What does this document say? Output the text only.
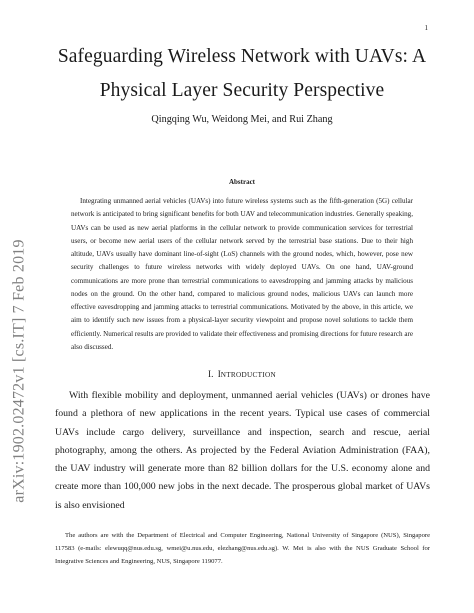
1
arXiv:1902.02472v1 [cs.IT] 7 Feb 2019
Safeguarding Wireless Network with UAVs: A
Physical Layer Security Perspective
Qingqing Wu, Weidong Mei, and Rui Zhang
Abstract

Integrating unmanned aerial vehicles (UAVs) into future wireless systems such as the fifth-generation (5G) cellular network is anticipated to bring significant benefits for both UAV and telecommunication industries. Generally speaking, UAVs can be used as new aerial platforms in the cellular network to provide communication services for terrestrial users, or become new aerial users of the cellular network served by the terrestrial base stations. Due to their high altitude, UAVs usually have dominant line-of-sight (LoS) channels with the ground nodes, which, however, pose new security challenges to future wireless networks with widely deployed UAVs. On one hand, UAV-ground communications are more prone than terrestrial communications to eavesdropping and jamming attacks by malicious nodes on the ground. On the other hand, compared to malicious ground nodes, malicious UAVs can launch more effective eavesdropping and jamming attacks to terrestrial communications. Motivated by the above, in this article, we aim to identify such new issues from a physical-layer security viewpoint and propose novel solutions to tackle them efficiently. Numerical results are provided to validate their effectiveness and promising directions for future research are also discussed.

I. INTRODUCTION

With flexible mobility and deployment, unmanned aerial vehicles (UAVs) or drones have found a plethora of new applications in the recent years. Typical use cases of commercial UAVs include cargo delivery, surveillance and inspection, search and rescue, aerial photography, among the others. As projected by the Federal Aviation Administration (FAA), the UAV industry will generate more than 82 billion dollars for the U.S. economy alone and create more than 100,000 new jobs in the next decade. The prosperous global market of UAVs is also envisioned

The authors are with the Department of Electrical and Computer Engineering, National University of Singapore (NUS), Singapore 117583 (e-mails: elewuqq@nus.edu.sg, wmei@u.nus.edu, elezhang@nus.edu.sg). W. Mei is also with the NUS Graduate School for Integrative Sciences and Engineering, NUS, Singapore 119077.
